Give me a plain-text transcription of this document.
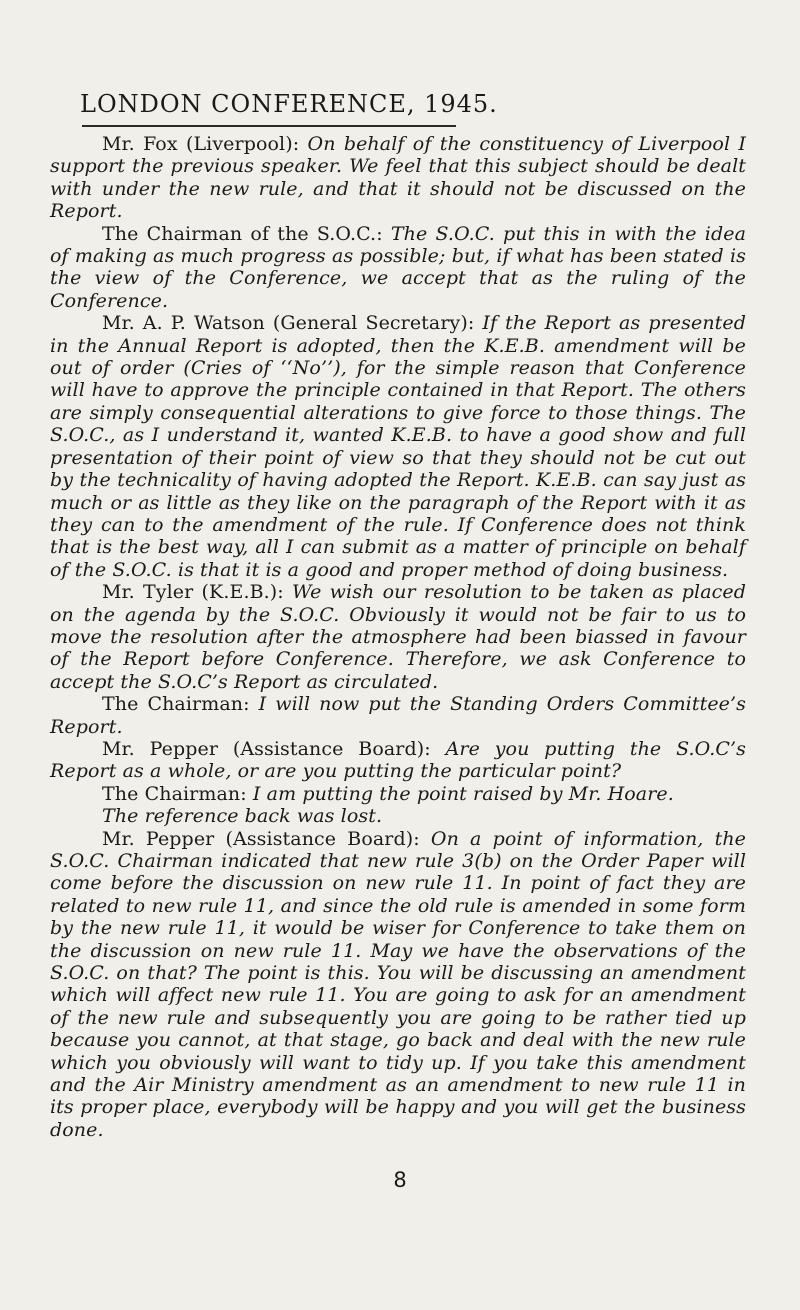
LONDON CONFERENCE, 1945.

Mr. Fox (Liverpool): On behalf of the constituency of Liverpool I support the previous speaker. We feel that this subject should be dealt with under the new rule, and that it should not be discussed on the Report.

The Chairman of the S.O.C.: The S.O.C. put this in with the idea of making as much progress as possible; but, if what has been stated is the view of the Conference, we accept that as the ruling of the Conference.

Mr. A. P. Watson (General Secretary): If the Report as presented in the Annual Report is adopted, then the K.E.B. amendment will be out of order (Cries of ‘‘No’’), for the simple reason that Conference will have to approve the principle contained in that Report. The others are simply consequential alterations to give force to those things. The S.O.C., as I understand it, wanted K.E.B. to have a good show and full presentation of their point of view so that they should not be cut out by the technicality of having adopted the Report. K.E.B. can say just as much or as little as they like on the paragraph of the Report with it as they can to the amendment of the rule. If Conference does not think that is the best way, all I can submit as a matter of principle on behalf of the S.O.C. is that it is a good and proper method of doing business.

Mr. Tyler (K.E.B.): We wish our resolution to be taken as placed on the agenda by the S.O.C. Obviously it would not be fair to us to move the resolution after the atmosphere had been biassed in favour of the Report before Conference. Therefore, we ask Conference to accept the S.O.C’s Report as circulated.

The Chairman: I will now put the Standing Orders Committee’s Report.

Mr. Pepper (Assistance Board): Are you putting the S.O.C’s Report as a whole, or are you putting the particular point?

The Chairman: I am putting the point raised by Mr. Hoare.

The reference back was lost.

Mr. Pepper (Assistance Board): On a point of information, the S.O.C. Chairman indicated that new rule 3(b) on the Order Paper will come before the discussion on new rule 11. In point of fact they are related to new rule 11, and since the old rule is amended in some form by the new rule 11, it would be wiser for Conference to take them on the discussion on new rule 11. May we have the observations of the S.O.C. on that? The point is this. You will be discussing an amendment which will affect new rule 11. You are going to ask for an amendment of the new rule and subsequently you are going to be rather tied up because you cannot, at that stage, go back and deal with the new rule which you obviously will want to tidy up. If you take this amendment and the Air Ministry amendment as an amendment to new rule 11 in its proper place, everybody will be happy and you will get the business done.

8
